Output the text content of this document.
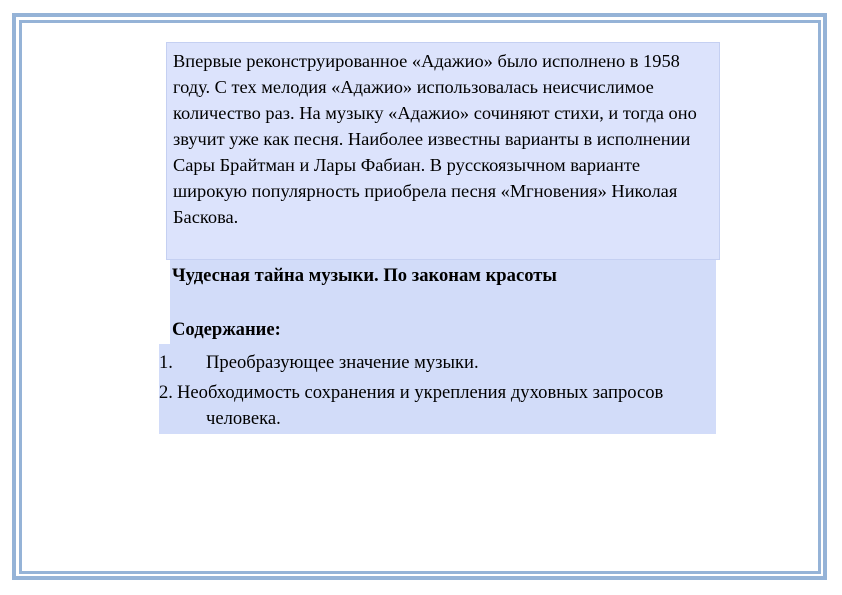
Впервые реконструированное «Адажио» было исполнено в 1958 году. С тех мелодия «Адажио» использовалась неисчислимое количество раз. На музыку «Адажио» сочиняют стихи, и тогда оно звучит уже как песня. Наиболее известны варианты в исполнении Сары Брайтман и Лары Фабиан. В русскоязычном варианте широкую популярность приобрела песня «Мгновения» Николая Баскова.

Чудесная тайна музыки. По законам красоты

Содержание:

1. Преобразующее значение музыки.
2. Необходимость сохранения и укрепления духовных запросов человека.
